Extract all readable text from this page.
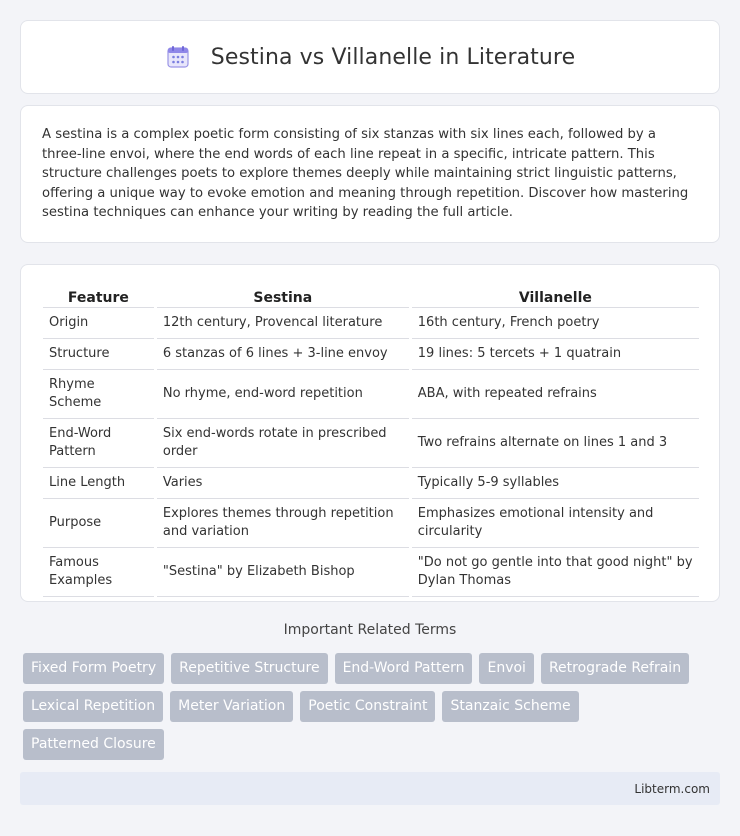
Sestina vs Villanelle in Literature

A sestina is a complex poetic form consisting of six stanzas with six lines each, followed by a three-line envoi, where the end words of each line repeat in a specific, intricate pattern. This structure challenges poets to explore themes deeply while maintaining strict linguistic patterns, offering a unique way to evoke emotion and meaning through repetition. Discover how mastering sestina techniques can enhance your writing by reading the full article.

Feature		Sestina		Villanelle
Origin		12th century, Provencal literature		16th century, French poetry
Structure		6 stanzas of 6 lines + 3-line envoy		19 lines: 5 tercets + 1 quatrain
Rhyme Scheme		No rhyme, end-word repetition		ABA, with repeated refrains
End-Word Pattern		Six end-words rotate in prescribed order		Two refrains alternate on lines 1 and 3
Line Length		Varies		Typically 5-9 syllables
Purpose		Explores themes through repetition and variation		Emphasizes emotional intensity and circularity
Famous Examples		"Sestina" by Elizabeth Bishop		"Do not go gentle into that good night" by Dylan Thomas
Important Related Terms
Fixed Form Poetry	Repetitive Structure	End-Word Pattern	Envoi	Retrograde Refrain
Lexical Repetition	Meter Variation	Poetic Constraint	Stanzaic Scheme
Patterned Closure
Libterm.com
